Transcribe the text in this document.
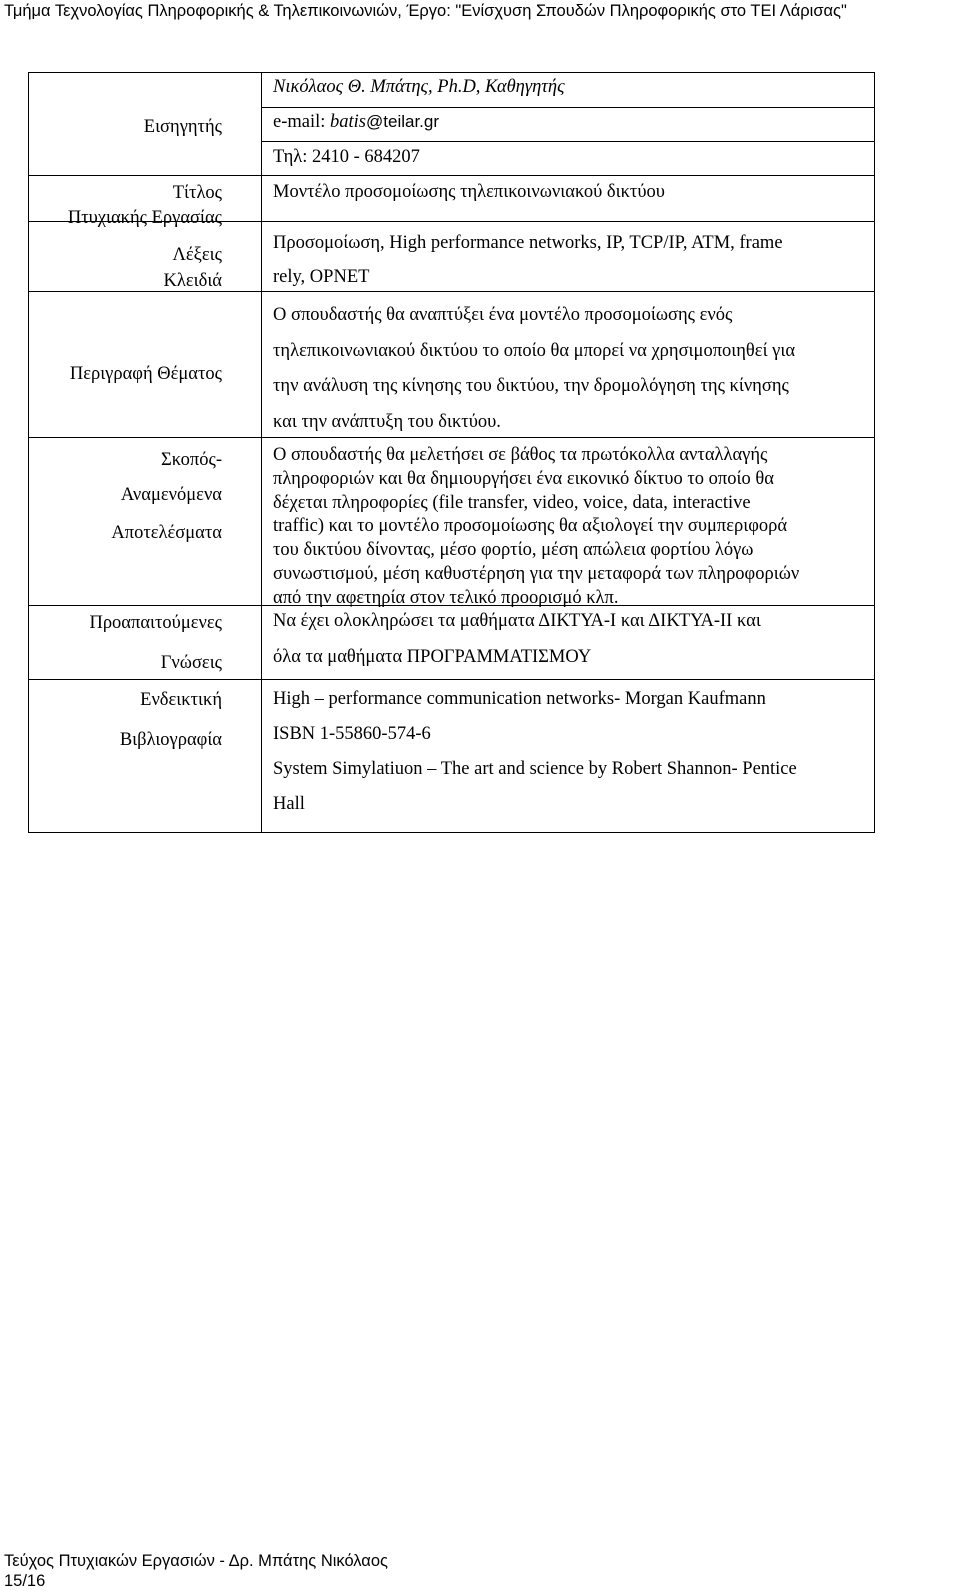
Τμήμα Τεχνολογίας Πληροφορικής & Τηλεπικοινωνιών, Έργο: "Ενίσχυση Σπουδών Πληροφορικής στο ΤΕΙ Λάρισας"
Εισηγητής
Νικόλαος Θ. Μπάτης, Ph.D, Καθηγητής
e-mail: batis@teilar.gr
Τηλ: 2410 - 684207
Τίτλος
Πτυχιακής Εργασίας
Μοντέλο προσομοίωσης τηλεπικοινωνιακού δικτύου
Λέξεις
Κλειδιά
Προσομοίωση, High performance networks, IP, TCP/IP, ATM, frame
rely, OPNET
Περιγραφή Θέματος
Ο σπουδαστής θα αναπτύξει ένα μοντέλο προσομοίωσης ενός
τηλεπικοινωνιακού δικτύου το οποίο θα μπορεί να χρησιμοποιηθεί για
την ανάλυση της κίνησης του δικτύου, την δρομολόγηση της κίνησης
και την ανάπτυξη του δικτύου.
Σκοπός-
Αναμενόμενα
Αποτελέσματα
Ο σπουδαστής θα μελετήσει σε βάθος τα πρωτόκολλα ανταλλαγής
πληροφοριών και θα δημιουργήσει ένα εικονικό δίκτυο το οποίο θα
δέχεται πληροφορίες (file transfer, video, voice, data, interactive
traffic) και το μοντέλο προσομοίωσης θα αξιολογεί την συμπεριφορά
του δικτύου δίνοντας, μέσο φορτίο, μέση απώλεια φορτίου λόγω
συνωστισμού, μέση καθυστέρηση για την μεταφορά των πληροφοριών
από την αφετηρία στον τελικό προορισμό κλπ.
Προαπαιτούμενες
Γνώσεις
Να έχει ολοκληρώσει τα μαθήματα ΔΙΚΤΥΑ-Ι και ΔΙΚΤΥΑ-ΙΙ και
όλα τα μαθήματα ΠΡΟΓΡΑΜΜΑΤΙΣΜΟΥ
Ενδεικτική
Βιβλιογραφία
High – performance communication networks- Morgan Kaufmann
ISBN 1-55860-574-6
System Simylatiuon – The art and science by Robert Shannon- Pentice
Hall
Τεύχος Πτυχιακών Εργασιών - Δρ. Μπάτης Νικόλαος
15/16
